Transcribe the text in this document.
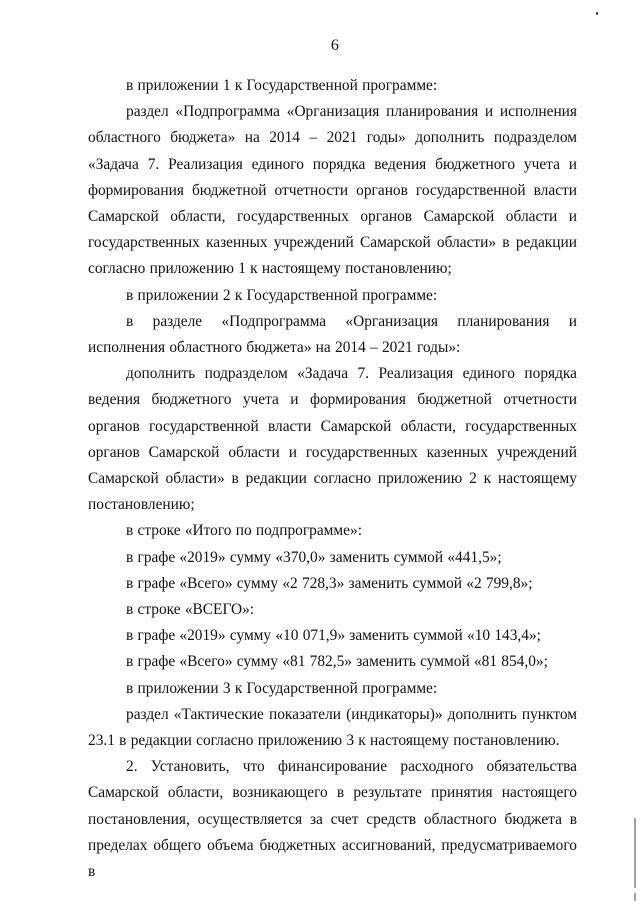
6

в приложении 1 к Государственной программе:

раздел «Подпрограмма «Организация планирования и исполнения областного бюджета» на 2014 – 2021 годы» дополнить подразделом «Задача 7. Реализация единого порядка ведения бюджетного учета и формирования бюджетной отчетности органов государственной власти Самарской области, государственных органов Самарской области и государственных казенных учреждений Самарской области» в редакции согласно приложению 1 к настоящему постановлению;

в приложении 2 к Государственной программе:

в разделе «Подпрограмма «Организация планирования и исполнения областного бюджета» на 2014 – 2021 годы»:

дополнить подразделом «Задача 7. Реализация единого порядка ведения бюджетного учета и формирования бюджетной отчетности органов государственной власти Самарской области, государственных органов Самарской области и государственных казенных учреждений Самарской области» в редакции согласно приложению 2 к настоящему постановлению;

в строке «Итого по подпрограмме»:

в графе «2019» сумму «370,0» заменить суммой «441,5»;

в графе «Всего» сумму «2 728,3» заменить суммой «2 799,8»;

в строке «ВСЕГО»:

в графе «2019» сумму «10 071,9» заменить суммой «10 143,4»;

в графе «Всего» сумму «81 782,5» заменить суммой «81 854,0»;

в приложении 3 к Государственной программе:

раздел «Тактические показатели (индикаторы)» дополнить пунктом 23.1 в редакции согласно приложению 3 к настоящему постановлению.

2. Установить, что финансирование расходного обязательства Самарской области, возникающего в результате принятия настоящего постановления, осуществляется за счет средств областного бюджета в пределах общего объема бюджетных ассигнований, предусматриваемого в
